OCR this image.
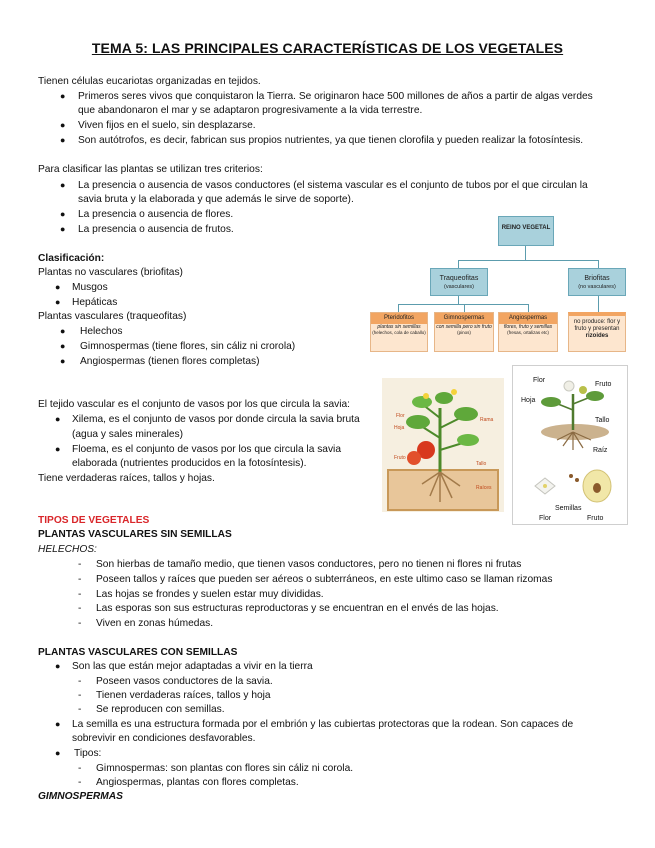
TEMA 5: LAS PRINCIPALES CARACTERÍSTICAS DE LOS VEGETALES
Tienen células eucariotas organizadas en tejidos.
● Primeros seres vivos que conquistaron la Tierra. Se originaron hace 500 millones de años a partir de algas verdes
que abandonaron el mar y se adaptaron progresivamente a la vida terrestre.
● Viven fijos en el suelo, sin desplazarse.
● Son autótrofos, es decir, fabrican sus propios nutrientes, ya que tienen clorofila y pueden realizar la fotosíntesis.
Para clasificar las plantas se utilizan tres criterios:
● La presencia o ausencia de vasos conductores (el sistema vascular es el conjunto de tubos por el que circulan la
savia bruta y la elaborada y que además le sirve de soporte).
● La presencia o ausencia de flores.
● La presencia o ausencia de frutos.
Clasificación:
Plantas no vasculares (briofitas)
● Musgos
● Hepáticas
Plantas vasculares (traqueofitas)
● Helechos
● Gimnospermas (tiene flores, sin cáliz ni crorola)
● Angiospermas (tienen flores completas)
REINO VEGETAL
Traqueofitas
(vasculares)
Briofitas
(no vasculares)
Pteridofitos
plantas sin semillas
(helechos, cola de caballo)
Gimnospermas
con semilla pero sin fruto
(pinos)
Angiospermas
flores, fruto y semillas
(fresas, ortalizas etc)
no produce: flor y fruto y presentan
rizoides
El tejido vascular es el conjunto de vasos por los que circula la savia:
● Xilema, es el conjunto de vasos por donde circula la savia bruta
(agua y sales minerales)
● Floema, es el conjunto de vasos por los que circula la savia
elaborada (nutrientes producidos en la fotosíntesis).
Tiene verdaderas raíces, tallos y hojas.
Flor
Hoja
Fruto
Rama
Tallo
Raíces
Flor
Fruto
Hoja
Tallo
Raíz
Semillas
Flor	Fruto
TIPOS DE VEGETALES
PLANTAS VASCULARES SIN SEMILLAS
HELECHOS:
- Son hierbas de tamaño medio, que tienen vasos conductores, pero no tienen ni flores ni frutas
- Poseen tallos y raíces que pueden ser aéreos o subterráneos, en este ultimo caso se llaman rizomas
- Las hojas se frondes y suelen estar muy divididas.
- Las esporas son sus estructuras reproductoras y se encuentran en el envés de las hojas.
- Viven en zonas húmedas.
PLANTAS VASCULARES CON SEMILLAS
● Son las que están mejor adaptadas a vivir en la tierra
- Poseen vasos conductores de la savia.
- Tienen verdaderas raíces, tallos y hoja
- Se reproducen con semillas.
● La semilla es una estructura formada por el embrión y las cubiertas protectoras que la rodean. Son capaces de
sobrevivir en condiciones desfavorables.
● Tipos:
- Gimnospermas: son plantas con flores sin cáliz ni corola.
- Angiospermas, plantas con flores completas.
GIMNOSPERMAS
